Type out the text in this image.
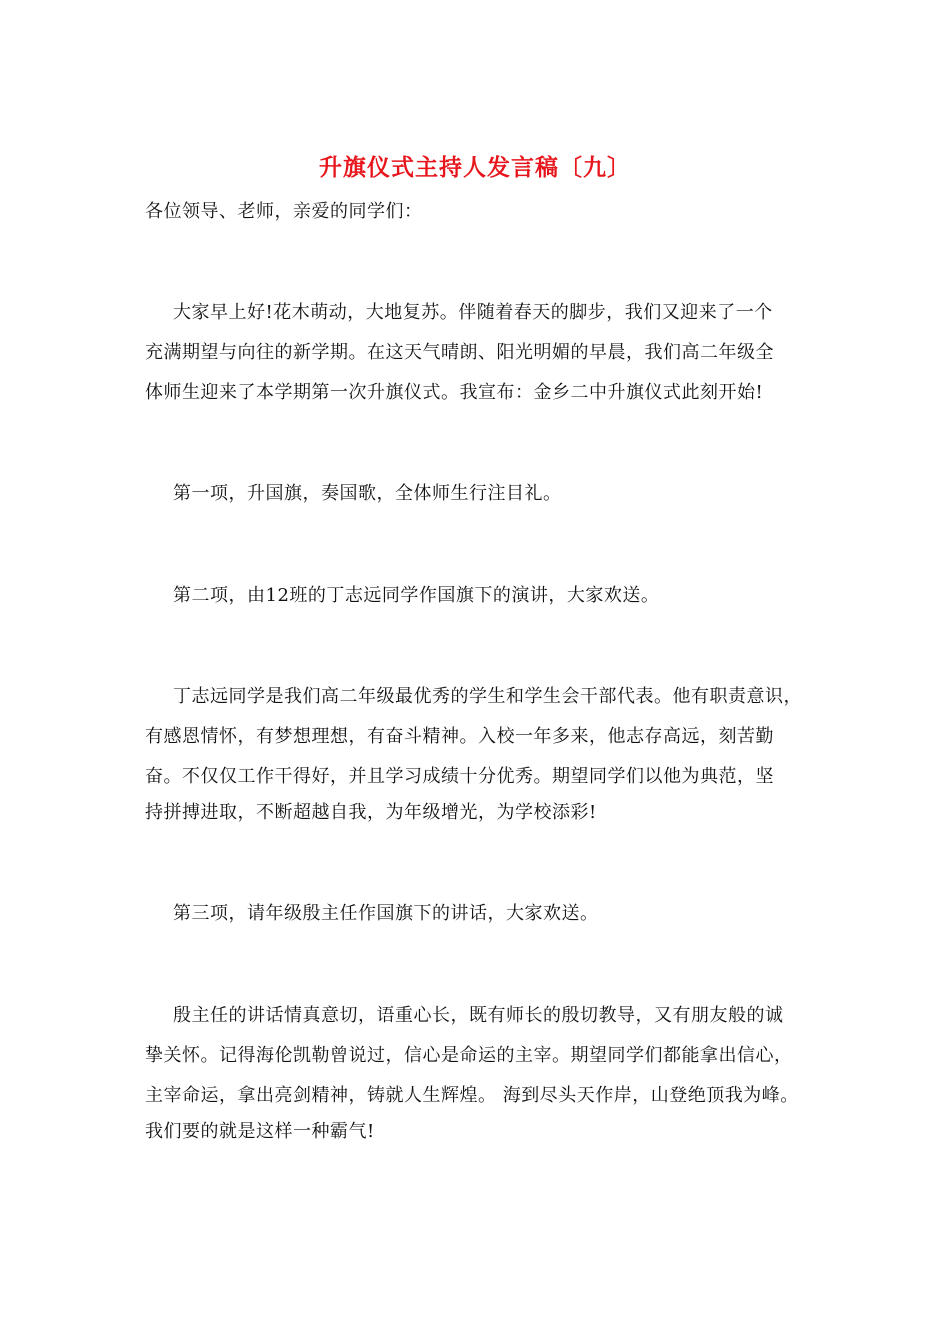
升旗仪式主持人发言稿〔九〕
各位领导、老师，亲爱的同学们：
大家早上好!花木萌动，大地复苏。伴随着春天的脚步，我们又迎来了一个
充满期望与向往的新学期。在这天气晴朗、阳光明媚的早晨，我们高二年级全
体师生迎来了本学期第一次升旗仪式。我宣布：金乡二中升旗仪式此刻开始!
第一项，升国旗，奏国歌，全体师生行注目礼。
第二项，由12班的丁志远同学作国旗下的演讲，大家欢送。
丁志远同学是我们高二年级最优秀的学生和学生会干部代表。他有职责意识，
有感恩情怀，有梦想理想，有奋斗精神。入校一年多来，他志存高远，刻苦勤
奋。不仅仅工作干得好，并且学习成绩十分优秀。期望同学们以他为典范，坚
持拼搏进取，不断超越自我，为年级增光，为学校添彩!
第三项，请年级殷主任作国旗下的讲话，大家欢送。
殷主任的讲话情真意切，语重心长，既有师长的殷切教导，又有朋友般的诚
挚关怀。记得海伦凯勒曾说过，信心是命运的主宰。期望同学们都能拿出信心，
主宰命运，拿出亮剑精神，铸就人生辉煌。 海到尽头天作岸，山登绝顶我为峰。
我们要的就是这样一种霸气!
